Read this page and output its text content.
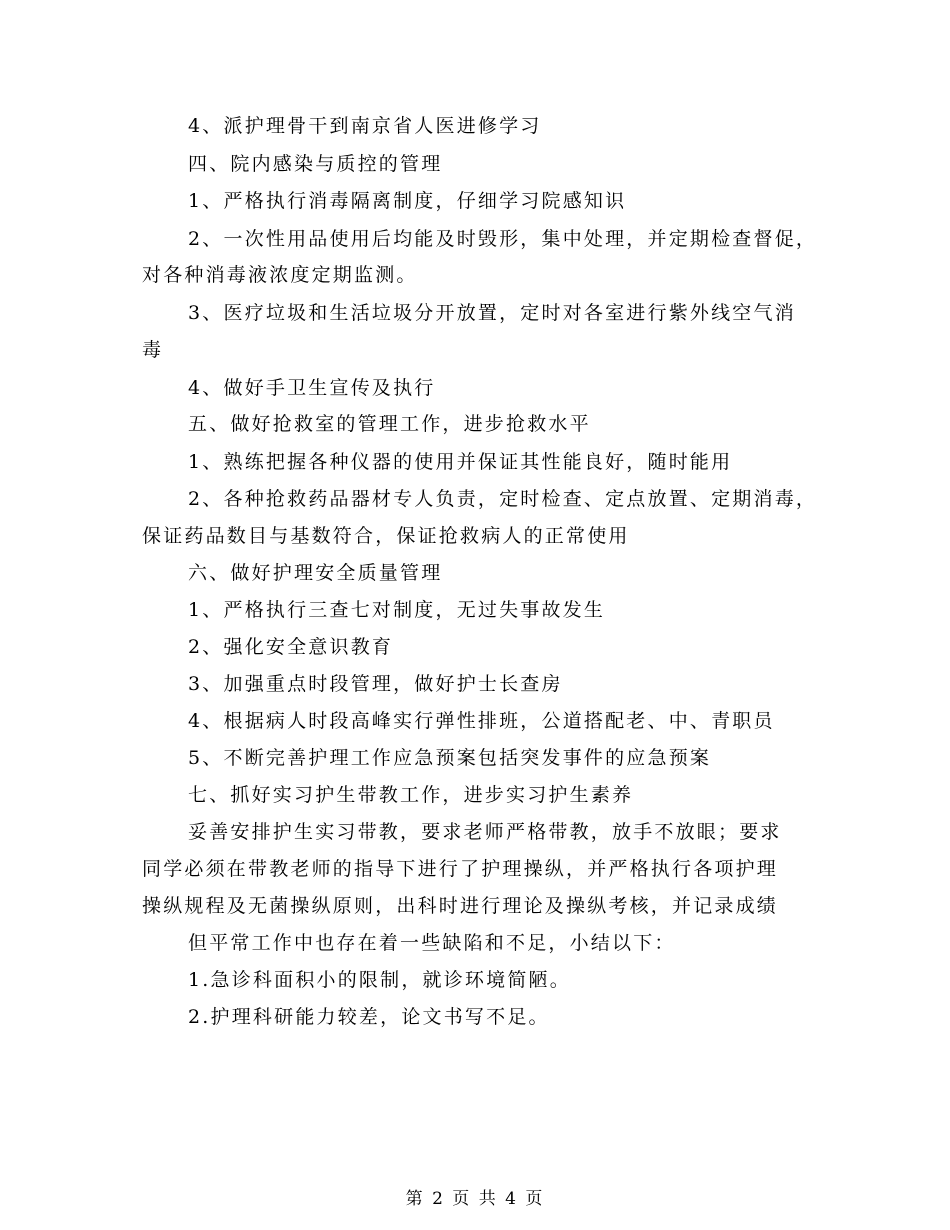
4、派护理骨干到南京省人医进修学习
四、院内感染与质控的管理
1、严格执行消毒隔离制度，仔细学习院感知识
2、一次性用品使用后均能及时毁形，集中处理，并定期检查督促，
对各种消毒液浓度定期监测。
3、医疗垃圾和生活垃圾分开放置，定时对各室进行紫外线空气消
毒
4、做好手卫生宣传及执行
五、做好抢救室的管理工作，进步抢救水平
1、熟练把握各种仪器的使用并保证其性能良好，随时能用
2、各种抢救药品器材专人负责，定时检查、定点放置、定期消毒，
保证药品数目与基数符合，保证抢救病人的正常使用
六、做好护理安全质量管理
1、严格执行三查七对制度，无过失事故发生
2、强化安全意识教育
3、加强重点时段管理，做好护士长查房
4、根据病人时段高峰实行弹性排班，公道搭配老、中、青职员
5、不断完善护理工作应急预案包括突发事件的应急预案
七、抓好实习护生带教工作，进步实习护生素养
妥善安排护生实习带教，要求老师严格带教，放手不放眼；要求
同学必须在带教老师的指导下进行了护理操纵，并严格执行各项护理
操纵规程及无菌操纵原则，出科时进行理论及操纵考核，并记录成绩
但平常工作中也存在着一些缺陷和不足，小结以下：
1.急诊科面积小的限制，就诊环境简陋。
2.护理科研能力较差，论文书写不足。
第 2 页 共 4 页
